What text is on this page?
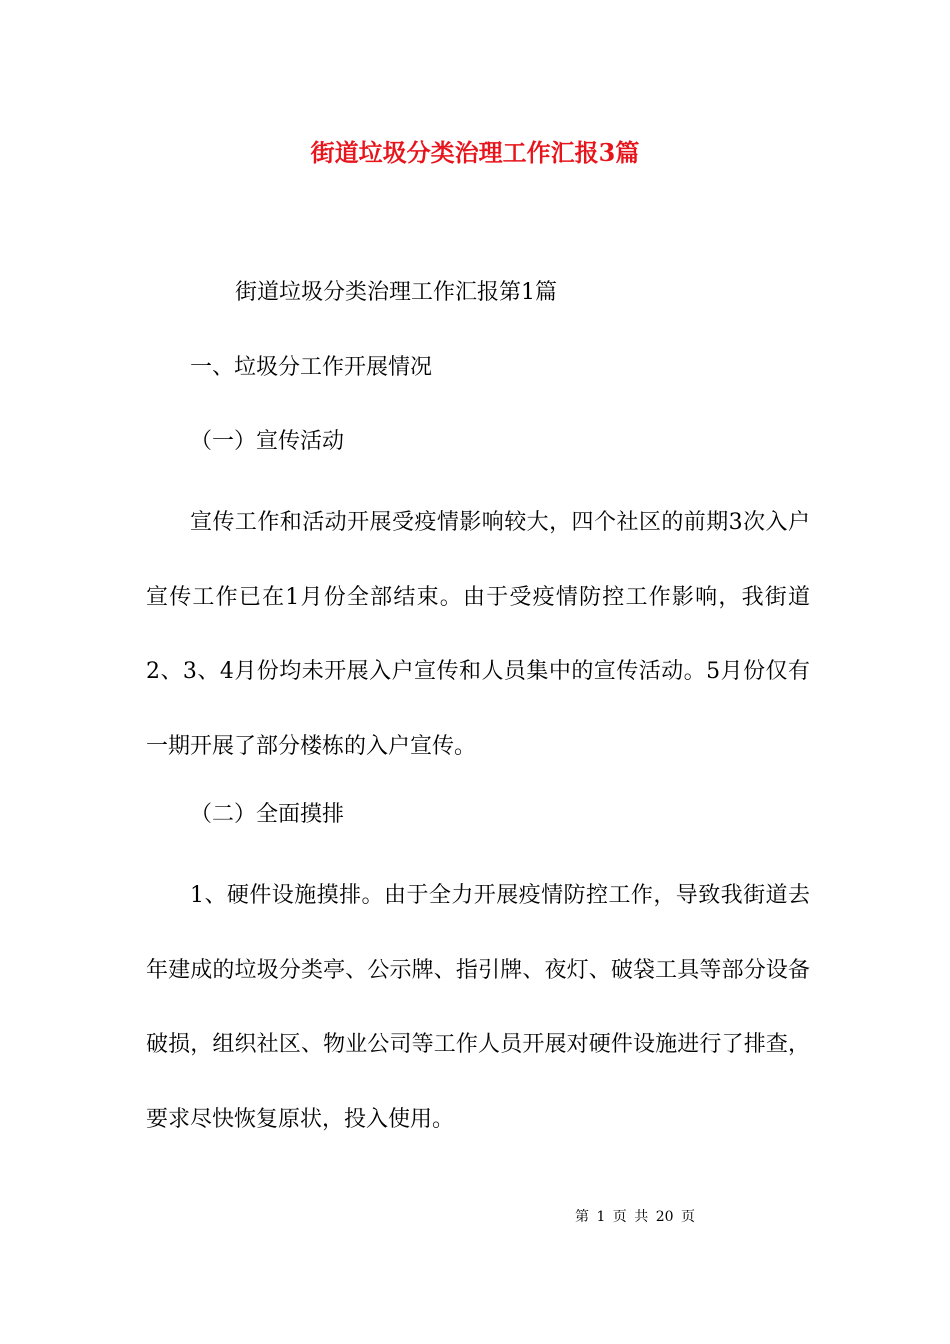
街道垃圾分类治理工作汇报3篇
街道垃圾分类治理工作汇报第1篇
一、垃圾分工作开展情况
（一）宣传活动
宣传工作和活动开展受疫情影响较大，四个社区的前期3次入户宣传工作已在1月份全部结束。由于受疫情防控工作影响，我街道2、3、4月份均未开展入户宣传和人员集中的宣传活动。5月份仅有一期开展了部分楼栋的入户宣传。
（二）全面摸排
1、硬件设施摸排。由于全力开展疫情防控工作，导致我街道去年建成的垃圾分类亭、公示牌、指引牌、夜灯、破袋工具等部分设备破损，组织社区、物业公司等工作人员开展对硬件设施进行了排查，要求尽快恢复原状，投入使用。
第 1 页 共 20 页
